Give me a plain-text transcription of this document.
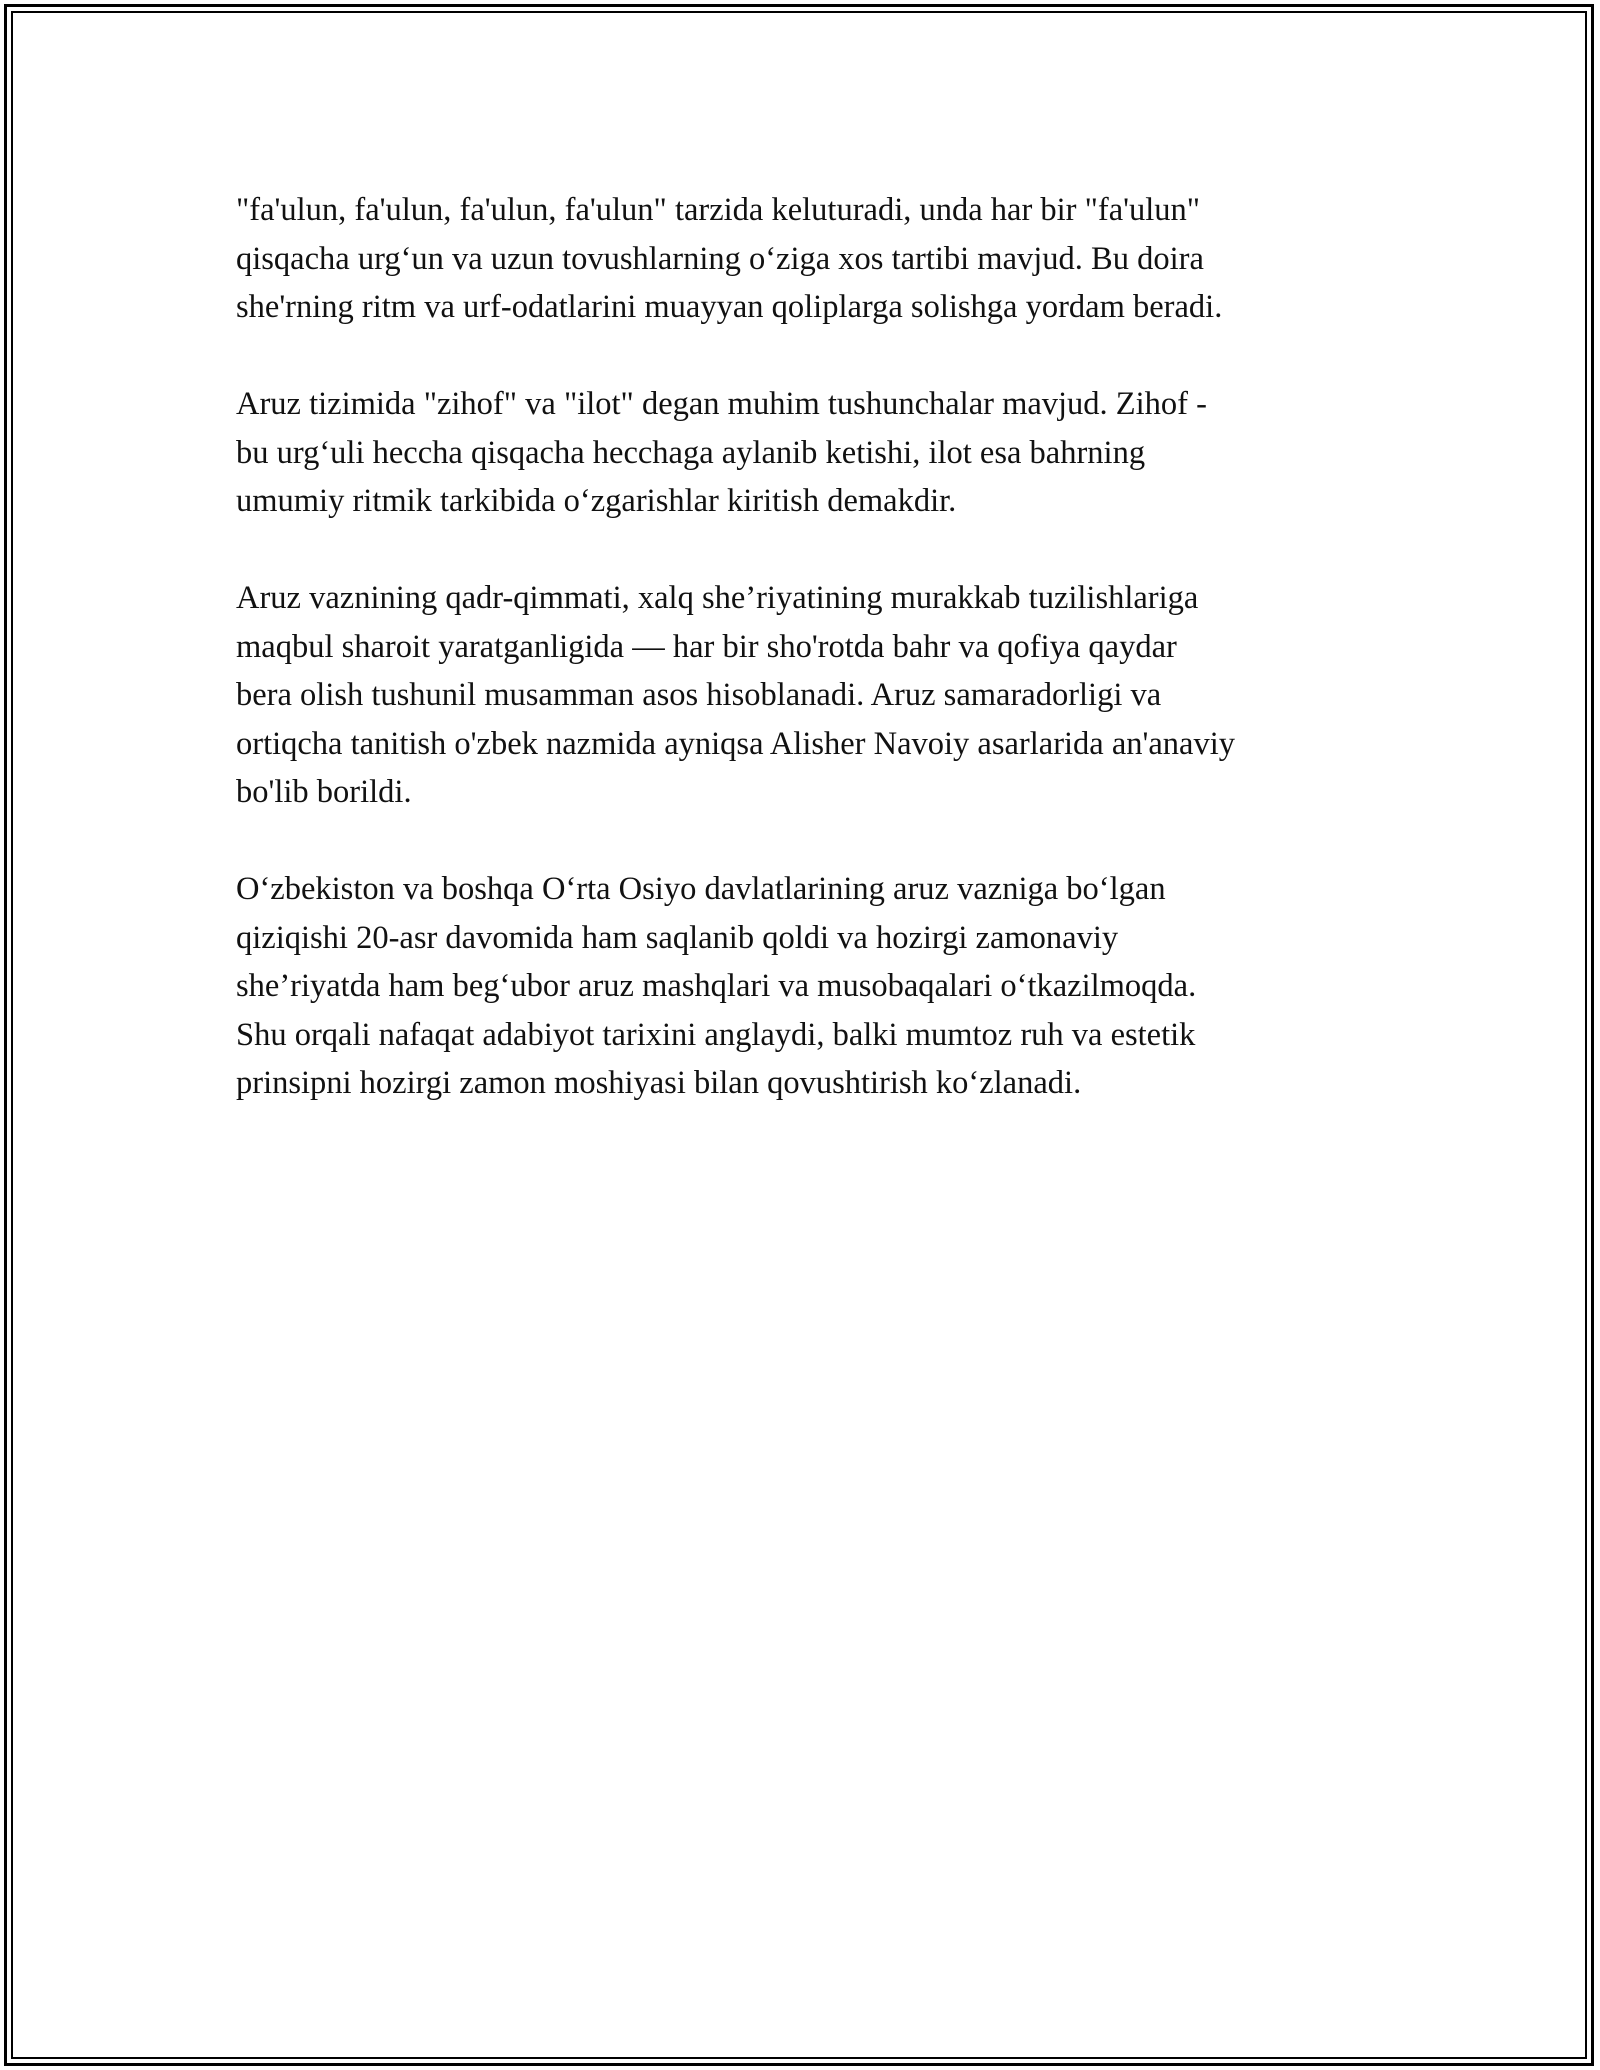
"fa'ulun, fa'ulun, fa'ulun, fa'ulun" tarzida keluturadi, unda har bir "fa'ulun"
qisqacha urg‘un va uzun tovushlarning o‘ziga xos tartibi mavjud. Bu doira
she'rning ritm va urf-odatlarini muayyan qoliplarga solishga yordam beradi.

Aruz tizimida "zihof" va "ilot" degan muhim tushunchalar mavjud. Zihof -
bu urg‘uli heccha qisqacha hecchaga aylanib ketishi, ilot esa bahrning
umumiy ritmik tarkibida o‘zgarishlar kiritish demakdir.

Aruz vaznining qadr-qimmati, xalq she’riyatining murakkab tuzilishlariga
maqbul sharoit yaratganligida — har bir sho'rotda bahr va qofiya qaydar
bera olish tushunil musamman asos hisoblanadi. Aruz samaradorligi va
ortiqcha tanitish o'zbek nazmida ayniqsa Alisher Navoiy asarlarida an'anaviy
bo'lib borildi.

O‘zbekiston va boshqa O‘rta Osiyo davlatlarining aruz vazniga bo‘lgan
qiziqishi 20-asr davomida ham saqlanib qoldi va hozirgi zamonaviy
she’riyatda ham beg‘ubor aruz mashqlari va musobaqalari o‘tkazilmoqda.
Shu orqali nafaqat adabiyot tarixini anglaydi, balki mumtoz ruh va estetik
prinsipni hozirgi zamon moshiyasi bilan qovushtirish ko‘zlanadi.
